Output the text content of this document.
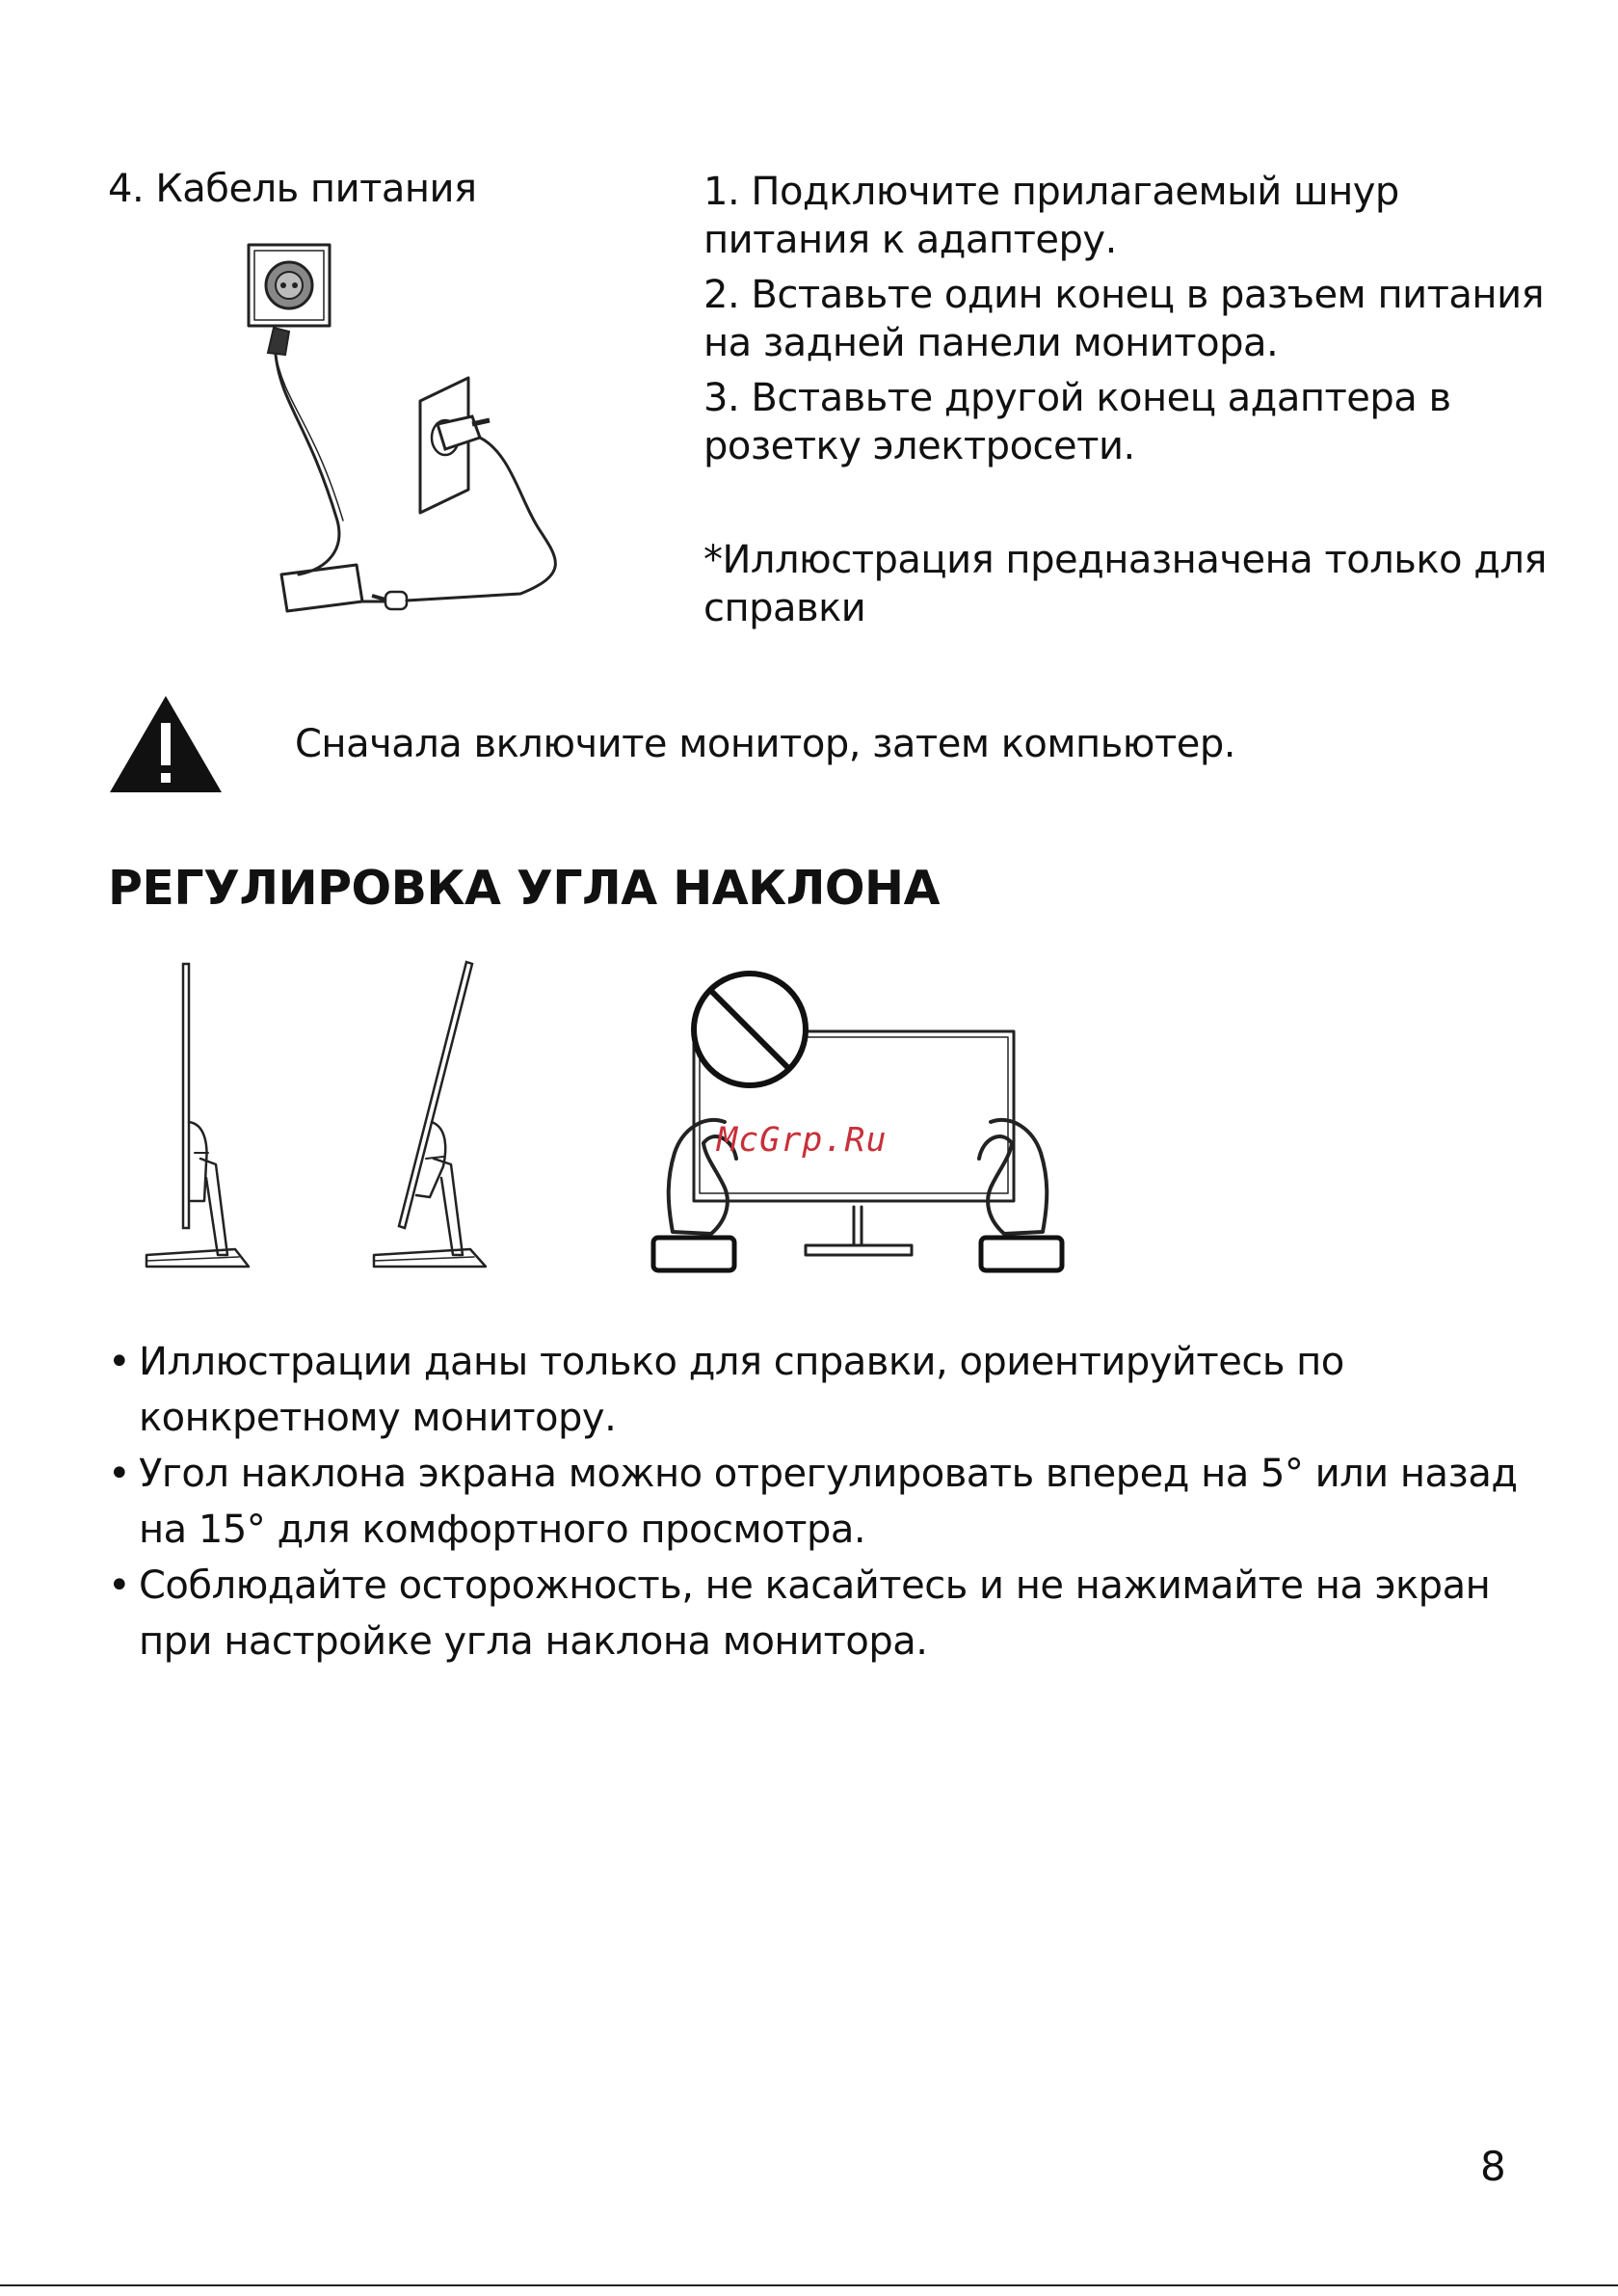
4. Кабель питания	1. Подключите прилагаемый шнур питания к адаптеру.

2. Вставьте один конец в разъем питания на задней панели монитора.

3. Вставьте другой конец адаптера в розетку электросети.

*Иллюстрация предназначена только для справки
Сначала включите монитор, затем компьютер.
РЕГУЛИРОВКА УГЛА НАКЛОНА
McGrp.Ru

• Иллюстрации даны только для справки, ориентируйтесь по конкретному монитору.

• Угол наклона экрана можно отрегулировать вперед на 5° или назад на 15° для комфортного просмотра.

• Соблюдайте осторожность, не касайтесь и не нажимайте на экран при настройке угла наклона монитора.

8
